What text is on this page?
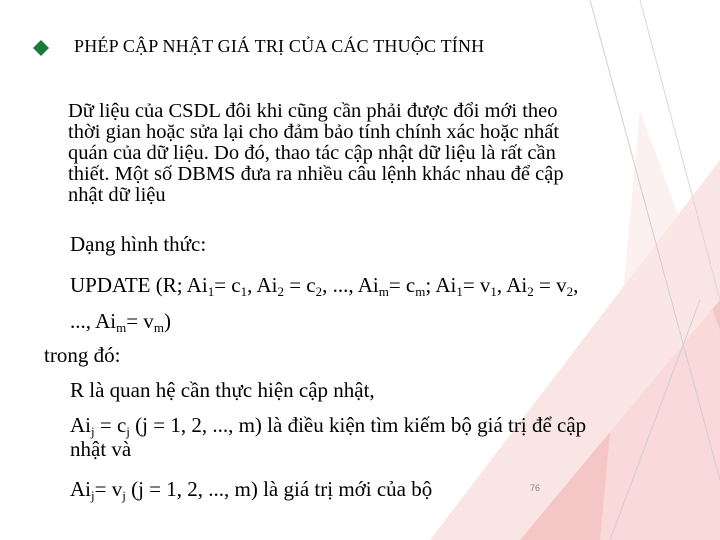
PHÉP CẬP NHẬT GIÁ TRỊ CỦA CÁC THUỘC TÍNH
Dữ liệu của CSDL đôi khi cũng cần phải được đổi mới theo
thời gian hoặc sửa lại cho đảm bảo tính chính xác hoặc nhất
quán của dữ liệu. Do đó, thao tác cập nhật dữ liệu là rất cần
thiết. Một số DBMS đưa ra nhiều câu lệnh khác nhau để cập
nhật dữ liệu
Dạng hình thức:
UPDATE (R; $Ai_1= c_1$, $Ai_2 = c_2$, ..., $Ai_m= c_m$; $Ai_1= v_1$, $Ai_2 = v_2$,
..., $Ai_m= v_m$)
trong đó:
R là quan hệ cần thực hiện cập nhật,
$Ai_j = c_j$ (j = 1, 2, ..., m) là điều kiện tìm kiếm bộ giá trị để cập
nhật và
$Ai_j= v_j$ (j = 1, 2, ..., m) là giá trị mới của bộ	76
